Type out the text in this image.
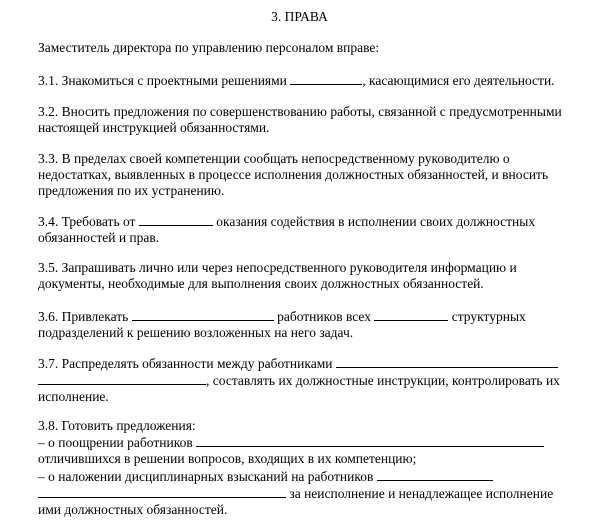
3. ПРАВА
Заместитель директора по управлению персоналом вправе:
3.1. Знакомиться с проектными решениями	, касающимися его деятельности.
3.2. Вносить предложения по совершенствованию работы, связанной с предусмотренными
настоящей инструкцией обязанностями.
3.3. В пределах своей компетенции сообщать непосредственному руководителю о
недостатках, выявленных в процессе исполнения должностных обязанностей, и вносить
предложения по их устранению.
3.4. Требовать от	оказания содействия в исполнении своих должностных
обязанностей и прав.
3.5. Запрашивать лично или через непосредственного руководителя информацию и
документы, необходимые для выполнения своих должностных обязанностей.
3.6. Привлекать	работников всех	структурных
подразделений к решению возложенных на него задач.
3.7. Распределять обязанности между работниками
, составлять их должностные инструкции, контролировать их
исполнение.
3.8. Готовить предложения:
– о поощрении работников
отличившихся в решении вопросов, входящих в их компетенцию;
– о наложении дисциплинарных взысканий на работников
за неисполнение и ненадлежащее исполнение
ими должностных обязанностей.
